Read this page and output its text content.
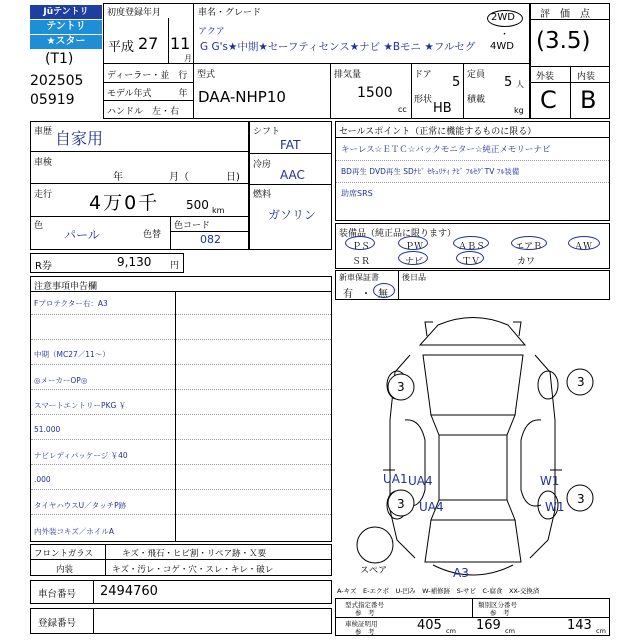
Jüテントリ
テントリ
★スター
(T1)
202505
05919
初度登録年月
平成 27 11
月
車名・グレード
アクア
G G's★中期★セーフティセンス★ナビ ★Bモニ ★フルセグ
2WD
・
4WD
ディーラー・並　行
モデル年式　　　年
ハンドル　左・右
型式
DAA-NHP10
排気量
1500
cc
ドア 5
形状
HB
定員 5 人
積載
kg
評　価　点
(3.5)
外装	内装
C B
車歴 自家用
車検
年	月（	日)
走行 4万0千 500 km
色
パール	色替
色コード
082
シフト
FAT
冷房
AAC
燃料
ガソリン
R券	9,130 円
セールスポイント（正常に機能するものに限る）
キーレス☆ＥＴＣ☆バックモニター☆純正メモリーナビ
BD再生 DVD再生 SDﾅﾋﾞ ｾｷｭﾘﾃｨ ﾅﾋﾞ ﾌﾙｾｸﾞTV ﾌﾙ装備
助席SRS
装備品（純正品に限ります）
ＰＳ	ＰＷ	ＡＢＳ	エアＢ	ＡＷ
ＳＲ	ナビ	ＴＶ	カワ
新車保証書	後日品
有 ・ 無
注意事項申告欄
Fプロテクター右：A3
中期（MC27／11～）
◎メーカーOP◎
スマートエントリーPKG ￥
51.000
ナビレディパッケージ ￥40
.000
タイヤハウスU／タッチP跡
内外装コキズ／ホイルA
フロントガラス	キズ・飛石・ヒビ割・リペア跡・Ｘ要
内装	キズ・汚レ・コゲ・穴・スレ・キレ・破レ
車台番号 2494760
登録番号
3	3
UA1 UA4
3 UA4
W1
W1
3
A3
スペア
A-キズ　E-エクボ　U-凹み　W-補修跡　S-サビ　C-腐食　XX-交換済
型式指定番号
参　考
類別区分番号
参　考
車検証明用
参　考	405 cm 169 cm	143 cm
